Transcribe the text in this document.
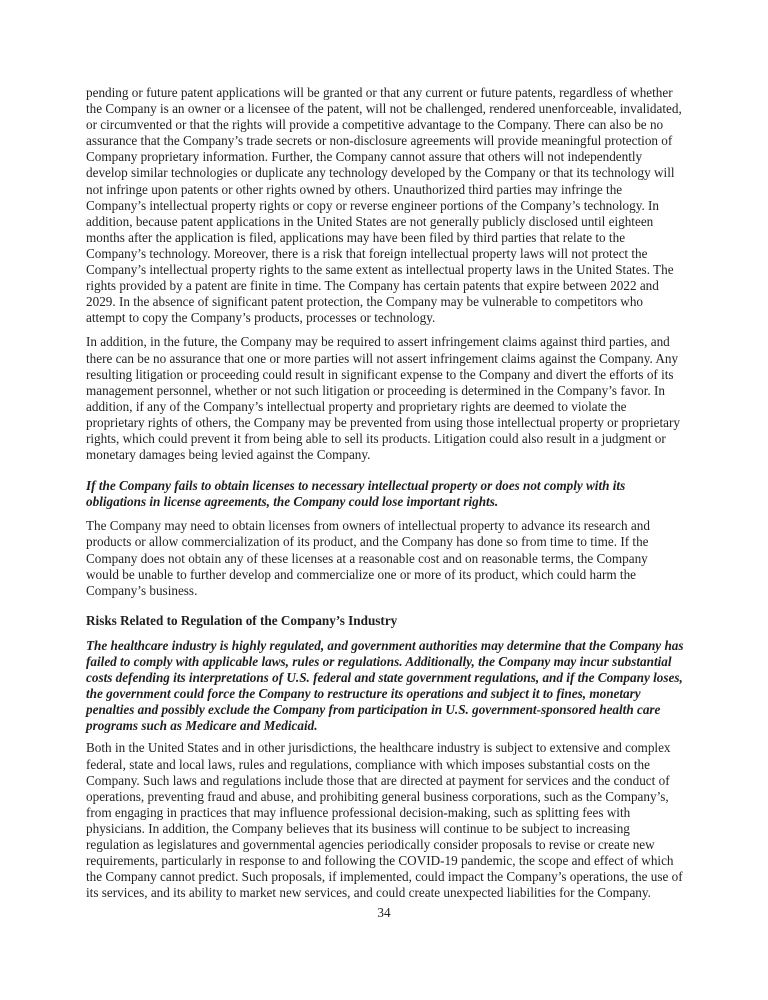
pending or future patent applications will be granted or that any current or future patents, regardless of whether the Company is an owner or a licensee of the patent, will not be challenged, rendered unenforceable, invalidated, or circumvented or that the rights will provide a competitive advantage to the Company. There can also be no assurance that the Company’s trade secrets or non-disclosure agreements will provide meaningful protection of Company proprietary information. Further, the Company cannot assure that others will not independently develop similar technologies or duplicate any technology developed by the Company or that its technology will not infringe upon patents or other rights owned by others. Unauthorized third parties may infringe the Company’s intellectual property rights or copy or reverse engineer portions of the Company’s technology. In addition, because patent applications in the United States are not generally publicly disclosed until eighteen months after the application is filed, applications may have been filed by third parties that relate to the Company’s technology. Moreover, there is a risk that foreign intellectual property laws will not protect the Company’s intellectual property rights to the same extent as intellectual property laws in the United States. The rights provided by a patent are finite in time. The Company has certain patents that expire between 2022 and 2029. In the absence of significant patent protection, the Company may be vulnerable to competitors who attempt to copy the Company’s products, processes or technology.

In addition, in the future, the Company may be required to assert infringement claims against third parties, and there can be no assurance that one or more parties will not assert infringement claims against the Company. Any resulting litigation or proceeding could result in significant expense to the Company and divert the efforts of its management personnel, whether or not such litigation or proceeding is determined in the Company’s favor. In addition, if any of the Company’s intellectual property and proprietary rights are deemed to violate the proprietary rights of others, the Company may be prevented from using those intellectual property or proprietary rights, which could prevent it from being able to sell its products. Litigation could also result in a judgment or monetary damages being levied against the Company.

If the Company fails to obtain licenses to necessary intellectual property or does not comply with its obligations in license agreements, the Company could lose important rights.

The Company may need to obtain licenses from owners of intellectual property to advance its research and products or allow commercialization of its product, and the Company has done so from time to time. If the Company does not obtain any of these licenses at a reasonable cost and on reasonable terms, the Company would be unable to further develop and commercialize one or more of its product, which could harm the Company’s business.

Risks Related to Regulation of the Company’s Industry

The healthcare industry is highly regulated, and government authorities may determine that the Company has failed to comply with applicable laws, rules or regulations. Additionally, the Company may incur substantial costs defending its interpretations of U.S. federal and state government regulations, and if the Company loses, the government could force the Company to restructure its operations and subject it to fines, monetary penalties and possibly exclude the Company from participation in U.S. government-sponsored health care programs such as Medicare and Medicaid.

Both in the United States and in other jurisdictions, the healthcare industry is subject to extensive and complex federal, state and local laws, rules and regulations, compliance with which imposes substantial costs on the Company. Such laws and regulations include those that are directed at payment for services and the conduct of operations, preventing fraud and abuse, and prohibiting general business corporations, such as the Company’s, from engaging in practices that may influence professional decision-making, such as splitting fees with physicians. In addition, the Company believes that its business will continue to be subject to increasing regulation as legislatures and governmental agencies periodically consider proposals to revise or create new requirements, particularly in response to and following the COVID-19 pandemic, the scope and effect of which the Company cannot predict. Such proposals, if implemented, could impact the Company’s operations, the use of its services, and its ability to market new services, and could create unexpected liabilities for the Company.

34
